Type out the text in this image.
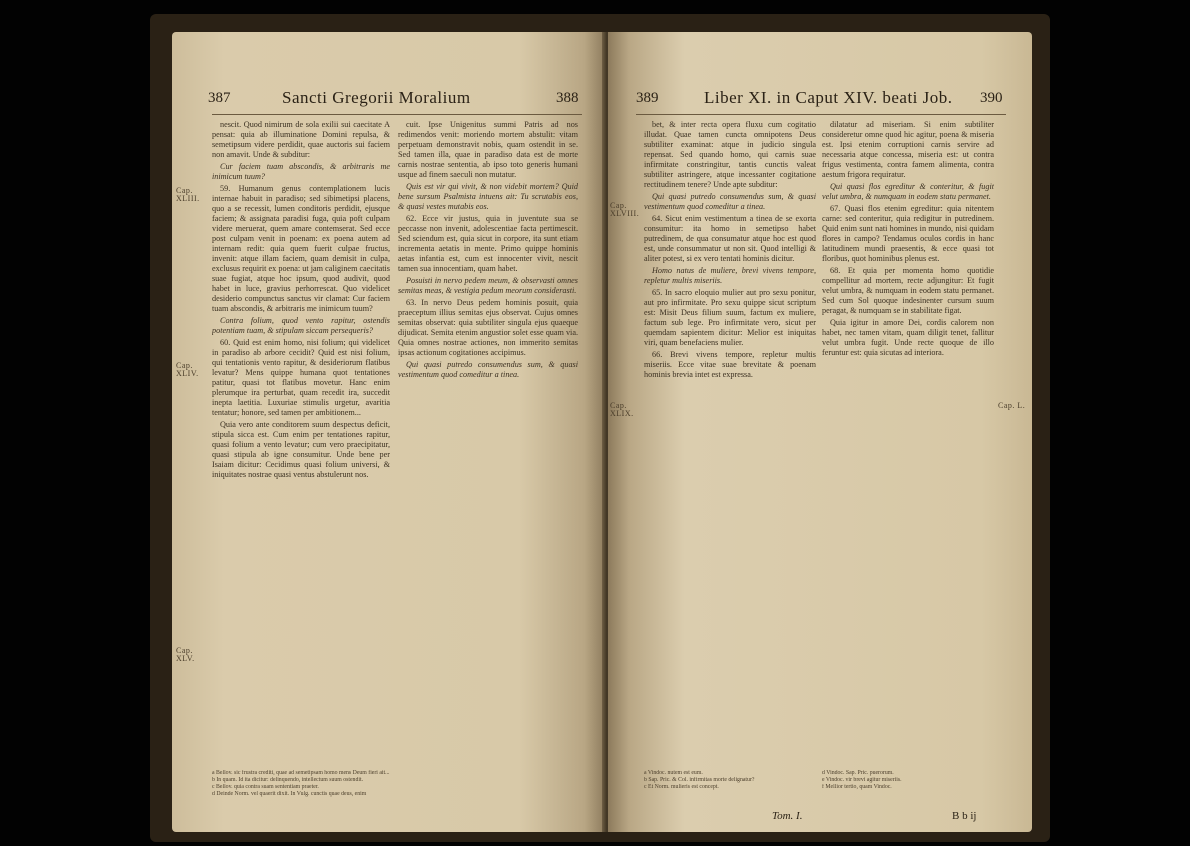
387	Sancti Gregorii Moralium	388
Cap. XLIII.
Cap. XLIV.
Cap. XLV.

nescit. Quod nimirum de sola exilii sui caecitate A pensat: quia ab illuminatione Domini repulsa, & semetipsum videre perdidit, quae auctoris sui faciem non amavit. Unde & subditur:

Cur faciem tuam abscondis, & arbitraris me inimicum tuum?

59. Humanum genus contemplationem lucis internae habuit in paradiso; sed sibimetipsi placens, quo a se recessit, lumen conditoris perdidit, ejusque faciem; & assignata paradisi fuga, quia poft culpam videre meruerat, quem amare contemserat. Sed ecce post culpam venit in poenam: ex poena autem ad internam redit: quia quem fuerit culpae fructus, invenit: atque illam faciem, quam demisit in culpa, exclusus requirit ex poena: ut jam caliginem caecitatis suae fugiat, atque hoc ipsum, quod audivit, quod habet in luce, gravius perhorrescat. Quo videlicet desiderio compunctus sanctus vir clamat: Cur faciem tuam abscondis, & arbitraris me inimicum tuum?

Contra folium, quod vento rapitur, ostendis potentiam tuam, & stipulam siccam persequeris?

60. Quid est enim homo, nisi folium; qui videlicet in paradiso ab arbore cecidit? Quid est nisi folium, qui tentationis vento rapitur, & desideriorum flatibus levatur? Mens quippe humana quot tentationes patitur, quasi tot flatibus movetur. Hanc enim plerumque ira perturbat, quam recedit ira, succedit inepta laetitia. Luxuriae stimulis urgetur, avaritia tentatur; honore, sed tamen per ambitionem...

Quia vero ante conditorem suum despectus deficit, stipula sicca est. Cum enim per tentationes rapitur, quasi folium a vento levatur; cum vero praecipitatur, quasi stipula ab igne consumitur. Unde bene per Isaiam dicitur: Cecidimus quasi folium universi, & iniquitates nostrae quasi ventus abstulerunt nos.

cuit. Ipse Unigenitus summi Patris ad nos redimendos venit: moriendo mortem abstulit: vitam perpetuam demonstravit nobis, quam ostendit in se. Sed tamen illa, quae in paradiso data est de morte carnis nostrae sententia, ab ipso toto generis humani usque ad finem saeculi non mutatur.

Quis est vir qui vivit, & non videbit mortem? Quid bene sursum Psalmista intuens ait: Tu scrutabis eos, & quasi vestes mutabis eos.

62. Ecce vir justus, quia in juventute sua se peccasse non invenit, adolescentiae facta pertimescit. Sed sciendum est, quia sicut in corpore, ita sunt etiam incrementa aetatis in mente. Primo quippe hominis aetas infantia est, cum est innocenter vivit, nescit tamen sua innocentiam, quam habet.

Posuisti in nervo pedem meum, & observasti omnes semitas meas, & vestigia pedum meorum considerasti.

63. In nervo Deus pedem hominis posuit, quia praeceptum illius semitas ejus observat. Cujus omnes semitas observat: quia subtiliter singula ejus quaeque dijudicat. Semita etenim angustior solet esse quam via. Quia omnes nostrae actiones, non immerito semitas ipsas actionum cogitationes accipimus.

Qui quasi putredo consumendus sum, & quasi vestimentum quod comeditur a tinea.

a Bellov. sic frustra crediti, quae ad semetipsam homo mens Deum fieri ait...
b In quam. Id ita dicitur: delinquendo, intellectum suum ostendit.
c Bellov. quia contra suam sententiam praeter.
d Deinde Norm. vel quaerit dixit. In Vulg. cunctis quae deus, enim
389	Liber XI. in Caput XIV. beati Job. 390
Cap. XLVIII.
Cap. XLIX.
Cap. L.

bet, & inter recta opera fluxu cum cogitatio illudat. Quae tamen cuncta omnipotens Deus subtiliter examinat: atque in judicio singula repensat. Sed quando homo, qui carnis suae infirmitate constringitur, tantis cunctis valeat subtiliter astringere, atque incessanter cogitatione rectitudinem tenere? Unde apte subditur:

Qui quasi putredo consumendus sum, & quasi vestimentum quod comeditur a tinea.

64. Sicut enim vestimentum a tinea de se exorta consumitur: ita homo in semetipso habet putredinem, de qua consumatur atque hoc est quod est, unde consummatur ut non sit. Quod intelligi & aliter potest, si ex vero tentati hominis dicitur.

Homo natus de muliere, brevi vivens tempore, repletur multis miseriis.

65. In sacro eloquio mulier aut pro sexu ponitur, aut pro infirmitate. Pro sexu quippe sicut scriptum est: Misit Deus filium suum, factum ex muliere, factum sub lege. Pro infirmitate vero, sicut per quemdam sapientem dicitur: Melior est iniquitas viri, quam benefaciens mulier.

66. Brevi vivens tempore, repletur multis miseriis. Ecce vitae suae brevitate & poenam hominis brevia intet est expressa.

dilatatur ad miseriam. Si enim subtiliter consideretur omne quod hic agitur, poena & miseria est. Ipsi etenim corruptioni carnis servire ad necessaria atque concessa, miseria est: ut contra frigus vestimenta, contra famem alimenta, contra aestum frigora requiratur.

Qui quasi flos egreditur & conteritur, & fugit velut umbra, & numquam in eodem statu permanet.

67. Quasi flos etenim egreditur: quia nitentem carne: sed conteritur, quia redigitur in putredinem. Quid enim sunt nati homines in mundo, nisi quidam flores in campo? Tendamus oculos cordis in hanc latitudinem mundi praesentis, & ecce quasi tot floribus, quot hominibus plenus est.

68. Et quia per momenta homo quotidie compellitur ad mortem, recte adjungitur: Et fugit velut umbra, & numquam in eodem statu permanet. Sed cum Sol quoque indesinenter cursum suum peragat, & numquam se in stabilitate figat.

Quia igitur in amore Dei, cordis calorem non habet, nec tamen vitam, quam diligit tenet, fallitur velut umbra fugit. Unde recte quoque de illo feruntur est: quia sicutas ad interiora.

a Vindoc. nutem est eum.
b Sap. Pric. & Col. infirmitas morte delignatur?
c Et Norm. mulieris est concept.
d Vindoc. Sap. Pric. puerorum.
e Vindoc. vir brevi agitur miseriis.
f Mellior tertio, quam Vindoc.
Tom. I.	B b ij
